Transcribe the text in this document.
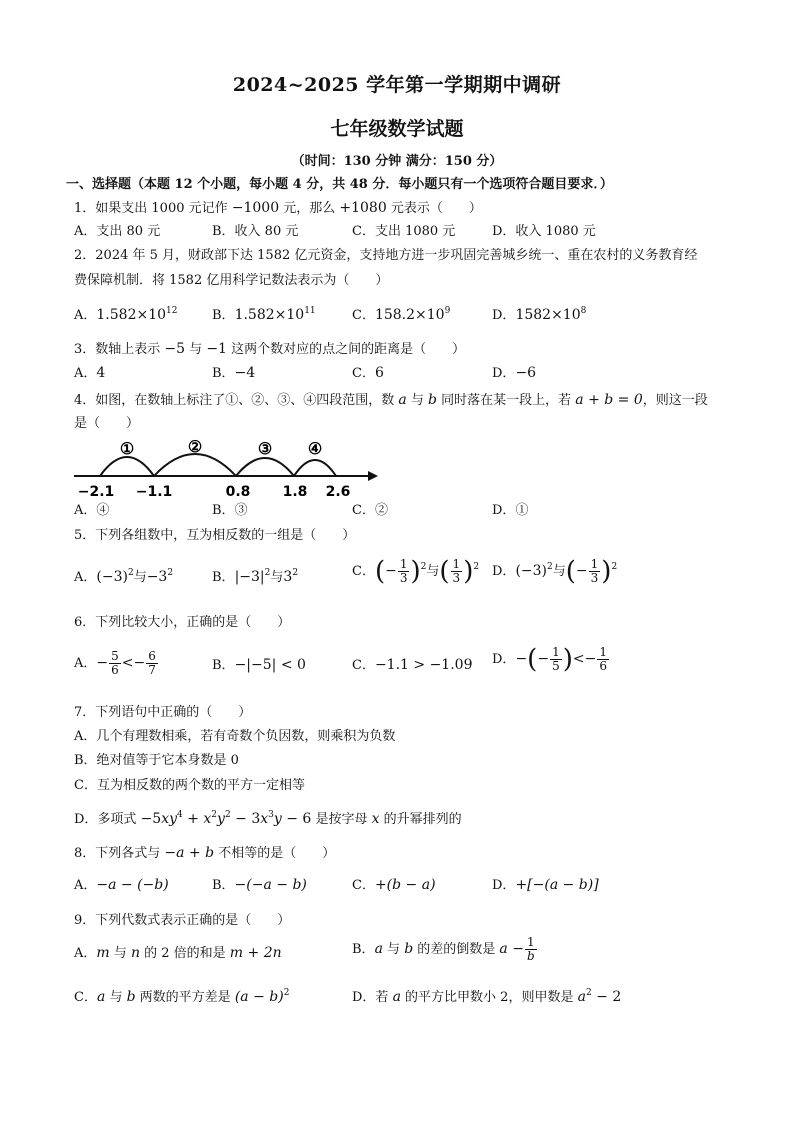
2024~2025 学年第一学期期中调研
七年级数学试题
（时间：130 分钟 满分：150 分）
一、选择题（本题 12 个小题，每小题 4 分，共 48 分．每小题只有一个选项符合题目要求．）
1．如果支出 1000 元记作 −1000 元，那么 +1080 元表示（　　）
A．支出 80 元	B．收入 80 元	C．支出 1080 元	D．收入 1080 元
2．2024 年 5 月，财政部下达 1582 亿元资金，支持地方进一步巩固完善城乡统一、重在农村的义务教育经
费保障机制．将 1582 亿用科学记数法表示为（　　）
A．$1.582\times 10^{12}$	B．$1.582\times 10^{11}$	C．$158.2\times 10^9$	D．$1582\times 10^8$
3．数轴上表示 −5 与 −1 这两个数对应的点之间的距离是（　　）
A．4	B．−4	C．6	D．−6
4．如图，在数轴上标注了①、②、③、④四段范围，数 a 与 b 同时落在某一段上，若 a + b = 0，则这一段
是（　　）
①	②	③ ④
−2.1 −1.1	0.8 1.8 2.6
A．④	B．③	C．②	D．①
5．下列各组数中，互为相反数的一组是（　　）
A．$(-3)^2$与$-3^2$	B．$|-3|^2$与$3^2$	C．(− $\frac{1}{3} )^2$与( $\frac{1}{3} )^2$ D．$(-3)^2$与(− $\frac{1}{3} )^2$
6．下列比较大小，正确的是（　　）
A．− $\frac{5}{6} <- \frac{6}{7}$	B．−|−5| < 0	C．−1.1 > −1.09 D．−(− $\frac{1}{5}$ )<− $\frac{1}{6}$
7．下列语句中正确的（　　）
A．几个有理数相乘，若有奇数个负因数，则乘积为负数
B．绝对值等于它本身数是 0
C．互为相反数的两个数的平方一定相等
D．多项式 $-5xy^4 + x^2y^2 - 3x^3y - 6$ 是按字母 x 的升幂排列的
8．下列各式与 −a + b 不相等的是（　　）
A．−a − (−b)	B．−(−a − b)	C．+(b − a)	D．+[−(a − b)]
9．下列代数式表示正确的是（　　）
A．m 与 n 的 2 倍的和是 m + 2n	B．a 与 b 的差的倒数是 $a - \frac{1}{b}$
C．a 与 b 两数的平方差是 $(a - b)^2$	D．若 a 的平方比甲数小 2，则甲数是 $a^2 - 2$
